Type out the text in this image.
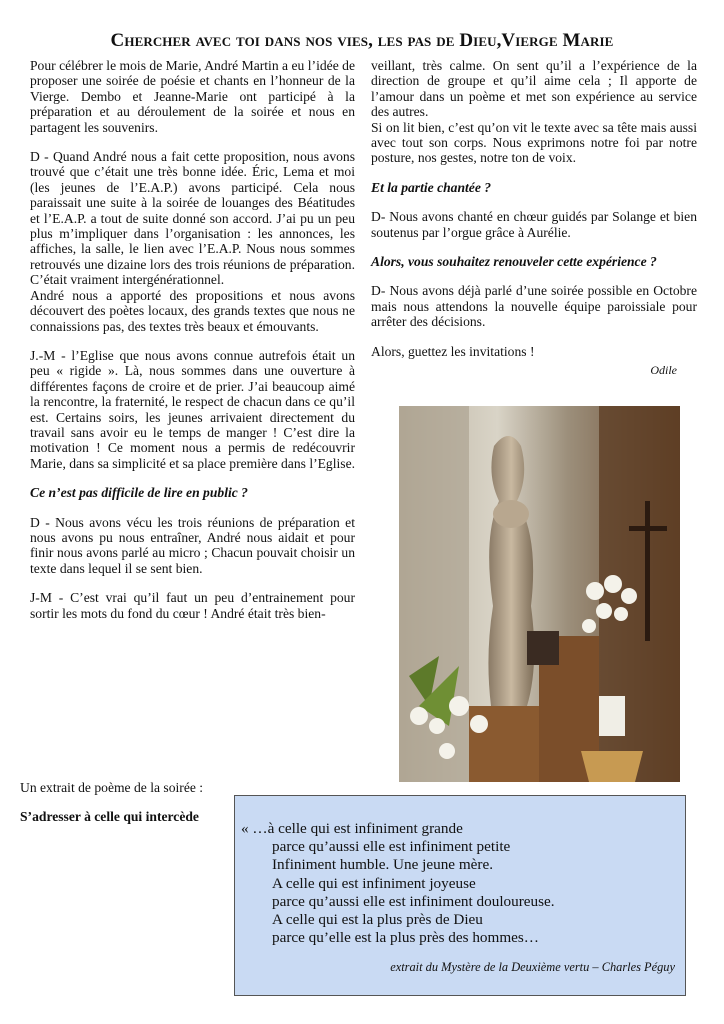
Chercher avec toi dans nos vies, les pas de Dieu,Vierge Marie

Pour célébrer le mois de Marie, André Martin a eu l’idée de proposer une soirée de poésie et chants en l’honneur de la Vierge. Dembo et Jeanne-Marie ont participé à la préparation et au déroulement de la soirée et nous en partagent les souvenirs.

D - Quand André nous a fait cette proposition, nous avons trouvé que c’était une très bonne idée. Éric, Lema et moi (les jeunes de l’E.A.P.) avons participé. Cela nous paraissait une suite à la soirée de louanges des Béatitudes et l’E.A.P. a tout de suite donné son accord. J’ai pu un peu plus m’impliquer dans l’organisation : les annonces, les affiches, la salle, le lien avec l’E.A.P. Nous nous sommes retrouvés une dizaine lors des trois réunions de préparation. C’était vraiment intergénérationnel.

André nous a apporté des propositions et nous avons découvert des poètes locaux, des grands textes que nous ne connaissions pas, des textes très beaux et émouvants.

J.-M - l’Eglise que nous avons connue autrefois était un peu « rigide ». Là, nous sommes dans une ouverture à différentes façons de croire et de prier. J’ai beaucoup aimé la rencontre, la fraternité, le respect de chacun dans ce qu’il est. Certains soirs, les jeunes arrivaient directement du travail sans avoir eu le temps de manger ! C’est dire la motivation ! Ce moment nous a permis de redécouvrir Marie, dans sa simplicité et sa place première dans l’Eglise.

Ce n’est pas difficile de lire en public ?

D - Nous avons vécu les trois réunions de préparation et nous avons pu nous entraîner, André nous aidait et pour finir nous avons parlé au micro ; Chacun pouvait choisir un texte dans lequel il se sent bien.

J-M - C’est vrai qu’il faut un peu d’entrainement pour sortir les mots du fond du cœur ! André était très bien-

veillant, très calme. On sent qu’il a l’expérience de la direction de groupe et qu’il aime cela ; Il apporte de l’amour dans un poème et met son expérience au service des autres.

Si on lit bien, c’est qu’on vit le texte avec sa tête mais aussi avec tout son corps. Nous exprimons notre foi par notre posture, nos gestes, notre ton de voix.

Et la partie chantée ?

D- Nous avons chanté en chœur guidés par Solange et bien soutenus par l’orgue grâce à Aurélie.

Alors, vous souhaitez renouveler cette expérience ?

D- Nous avons déjà parlé d’une soirée possible en Octobre mais nous attendons la nouvelle équipe paroissiale pour arrêter des décisions.

Alors, guettez les invitations !

Odile
Un extrait de poème de la soirée :
S’adresser à celle qui intercède
« …à celle qui est infiniment grande
parce qu’aussi elle est infiniment petite
Infiniment humble. Une jeune mère.
A celle qui est infiniment joyeuse
parce qu’aussi elle est infiniment douloureuse.
A celle qui est la plus près de Dieu
parce qu’elle est la plus près des hommes…
extrait du Mystère de la Deuxième vertu – Charles Péguy
